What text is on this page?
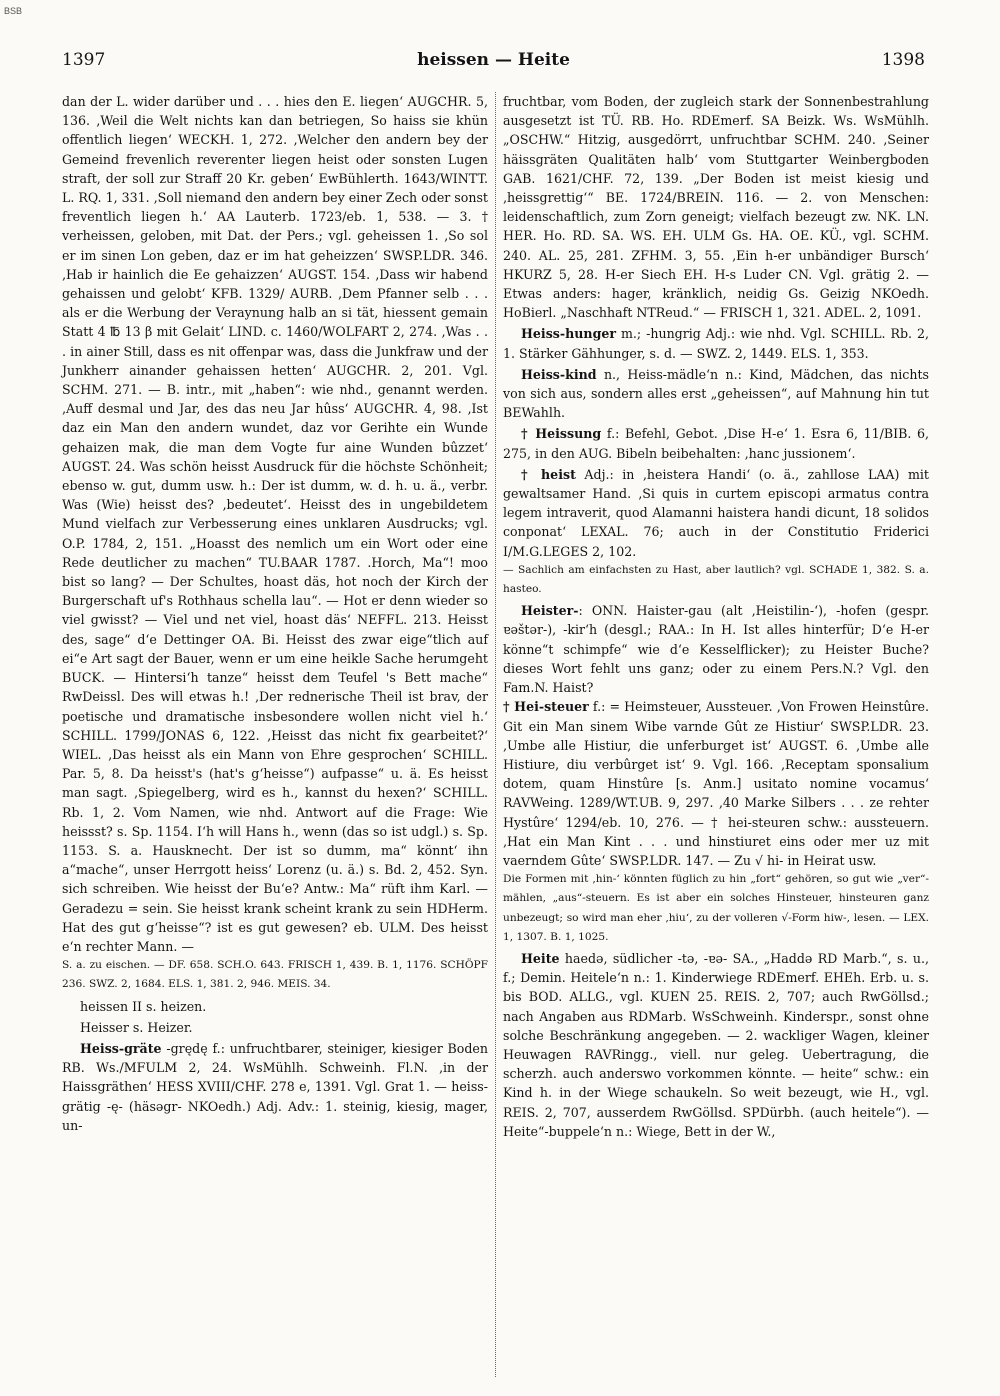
BSB
1397	heissen — Heite	1398

dan der L. wider darüber und . . . hies den E. liegen‘ AUGCHR. 5, 136. ‚Weil die Welt nichts kan dan betriegen, So haiss sie khün offentlich liegen‘ WECKH. 1, 272. ‚Welcher den andern bey der Gemeind frevenlich reverenter liegen heist oder sonsten Lugen straft, der soll zur Straff 20 Kr. geben‘ EwBühlerth. 1643/WINTT. L. RQ. 1, 331. ‚Soll niemand den andern bey einer Zech oder sonst freventlich liegen h.‘ AA Lauterb. 1723/eb. 1, 538. — 3. † verheissen, geloben, mit Dat. der Pers.; vgl. geheissen 1. ‚So sol er im sinen Lon geben, daz er im hat geheizzen‘ SWSP.LDR. 346. ‚Hab ir hainlich die Ee gehaizzen‘ AUGST. 154. ‚Dass wir habend gehaissen und gelobt‘ KFB. 1329/ AURB. ‚Dem Pfanner selb . . . als er die Werbung der Veraynung halb an si tät, hiessent gemain Statt 4 ℔ 13 β mit Gelait‘ LIND. c. 1460/WOLFART 2, 274. ‚Was . . . in ainer Still, dass es nit offenpar was, dass die Junkfraw und der Junkherr ainander gehaissen hetten‘ AUGCHR. 2, 201. Vgl. SCHM. 271. — B. intr., mit „haben“: wie nhd., genannt werden. ‚Auff desmal und Jar, des das neu Jar hûss‘ AUGCHR. 4, 98. ‚Ist daz ein Man den andern wundet, daz vor Gerihte ein Wunde gehaizen mak, die man dem Vogte fur aine Wunden bûzzet‘ AUGST. 24. Was schön heisst Ausdruck für die höchste Schönheit; ebenso w. gut, dumm usw. h.: Der ist dumm, w. d. h. u. ä., verbr. Was (Wie) heisst des? ‚bedeutet‘. Heisst des in ungebildetem Mund vielfach zur Verbesserung eines unklaren Ausdrucks; vgl. O.P. 1784, 2, 151. „Hoasst des nemlich um ein Wort oder eine Rede deutlicher zu machen“ TU.BAAR 1787. .Horch, Ma“! moo bist so lang? — Der Schultes, hoast däs, hot noch der Kirch der Burgerschaft uf's Rothhaus schella lau“. — Hot er denn wieder so viel gwisst? — Viel und net viel, hoast däs‘ NEFFL. 213. Heisst des, sage“ d‘e Dettinger OA. Bi. Heisst des zwar eige“tlich auf ei“e Art sagt der Bauer, wenn er um eine heikle Sache herumgeht BUCK. — Hintersi‘h tanze“ heisst dem Teufel 's Bett mache“ RwDeissl. Des will etwas h.! ‚Der rednerische Theil ist brav, der poetische und dramatische insbesondere wollen nicht viel h.‘ SCHILL. 1799/JONAS 6, 122. ‚Heisst das nicht fix gearbeitet?‘ WIEL. ‚Das heisst als ein Mann von Ehre gesprochen‘ SCHILL. Par. 5, 8. Da heisst's (hat's g‘heisse“) aufpasse“ u. ä. Es heisst man sagt. ‚Spiegelberg, wird es h., kannst du hexen?‘ SCHILL. Rb. 1, 2. Vom Namen, wie nhd. Antwort auf die Frage: Wie heissst? s. Sp. 1154. I‘h will Hans h., wenn (das so ist udgl.) s. Sp. 1153. S. a. Hausknecht. Der ist so dumm, ma“ könnt‘ ihn a“mache“, unser Herrgott heiss‘ Lorenz (u. ä.) s. Bd. 2, 452. Syn. sich schreiben. Wie heisst der Bu‘e? Antw.: Ma“ rüft ihm Karl. — Geradezu = sein. Sie heisst krank scheint krank zu sein HDHerm. Hat des gut g‘heisse“? ist es gut gewesen? eb. ULM. Des heisst e‘n rechter Mann. —

S. a. zu eischen. — DF. 658. SCH.O. 643. FRISCH 1, 439. B. 1, 1176. SCHÖPF 236. SWZ. 2, 1684. ELS. 1, 381. 2, 946. MEIS. 34.

heissen II s. heizen.

Heisser s. Heizer.

Heiss-gräte -grędę f.: unfruchtbarer, steiniger, kiesiger Boden RB. Ws./MFULM 2, 24. WsMühlh. Schweinh. Fl.N. ‚in der Haissgräthen‘ HESS XVIII/CHF. 278 e, 1391. Vgl. Grat 1. — heiss-grätig -ę- (häsəgr- NKOedh.) Adj. Adv.: 1. steinig, kiesig, mager, un-

fruchtbar, vom Boden, der zugleich stark der Sonnenbestrahlung ausgesetzt ist TÜ. RB. Ho. RDEmerf. SA Beizk. Ws. WsMühlh. „OSCHW.“ Hitzig, ausgedörrt, unfruchtbar SCHM. 240. ‚Seiner häissgräten Qualitäten halb‘ vom Stuttgarter Weinbergboden GAB. 1621/CHF. 72, 139. „Der Boden ist meist kiesig und ‚heissgrettig‘“ BE. 1724/BREIN. 116. — 2. von Menschen: leidenschaftlich, zum Zorn geneigt; vielfach bezeugt zw. NK. LN. HER. Ho. RD. SA. WS. EH. ULM Gs. HA. OE. KÜ., vgl. SCHM. 240. AL. 25, 281. ZFHM. 3, 55. ‚Ein h-er unbändiger Bursch‘ HKURZ 5, 28. H-er Siech EH. H-s Luder CN. Vgl. grätig 2. — Etwas anders: hager, kränklich, neidig Gs. Geizig NKOedh. HoBierl. „Naschhaft NTReud.“ — FRISCH 1, 321. ADEL. 2, 1091.

Heiss-hunger m.; -hungrig Adj.: wie nhd. Vgl. SCHILL. Rb. 2, 1. Stärker Gähhunger, s. d. — SWZ. 2, 1449. ELS. 1, 353.

Heiss-kind n., Heiss-mädle‘n n.: Kind, Mädchen, das nichts von sich aus, sondern alles erst „geheissen“, auf Mahnung hin tut BEWahlh.

† Heissung f.: Befehl, Gebot. ‚Dise H-e‘ 1. Esra 6, 11/BIB. 6, 275, in den AUG. Bibeln beibehalten: ‚hanc jussionem‘.

† heist Adj.: in ‚heistera Handi‘ (o. ä., zahllose LAA) mit gewaltsamer Hand. ‚Si quis in curtem episcopi armatus contra legem intraverit, quod Alamanni haistera handi dicunt, 18 solidos conponat‘ LEXAL. 76; auch in der Constitutio Friderici I/M.G.LEGES 2, 102.

— Sachlich am einfachsten zu Hast, aber lautlich? vgl. SCHADE 1, 382. S. a. hasteo.

Heister-: ONN. Haister-gau (alt ‚Heistilin-‘), -hofen (gespr. ɐəštər-), -kir‘h (desgl.; RAA.: In H. Ist alles hinterfür; D‘e H-er könne“t schimpfe“ wie d‘e Kesselflicker); zu Heister Buche? dieses Wort fehlt uns ganz; oder zu einem Pers.N.? Vgl. den Fam.N. Haist?

† Hei-steuer f.: = Heimsteuer, Aussteuer. ‚Von Frowen Heinstûre. Git ein Man sinem Wibe varnde Gût ze Histiur‘ SWSP.LDR. 23. ‚Umbe alle Histiur, die unferburget ist‘ AUGST. 6. ‚Umbe alle Histiure, diu verbûrget ist‘ 9. Vgl. 166. ‚Receptam sponsalium dotem, quam Hinstûre [s. Anm.] usitato nomine vocamus‘ RAVWeing. 1289/WT.UB. 9, 297. ‚40 Marke Silbers . . . ze rehter Hystûre‘ 1294/eb. 10, 276. — † hei-steuren schw.: aussteuern. ‚Hat ein Man Kint . . . und hinstiuret eins oder mer uz mit vaerndem Gûte‘ SWSP.LDR. 147. — Zu √ hi- in Heirat usw.

Die Formen mit ‚hin-‘ könnten füglich zu hin „fort“ gehören, so gut wie „ver“-mählen, „aus“-steuern. Es ist aber ein solches Hinsteuer, hinsteuren ganz unbezeugt; so wird man eher ‚hiu‘, zu der volleren √-Form hiw-, lesen. — LEX. 1, 1307. B. 1, 1025.

Heite haedə, südlicher -tə, -ɐə- SA., „Haddə RD Marb.“, s. u., f.; Demin. Heitele‘n n.: 1. Kinderwiege RDEmerf. EHEh. Erb. u. s. bis BOD. ALLG., vgl. KUEN 25. REIS. 2, 707; auch RwGöllsd.; nach Angaben aus RDMarb. WsSchweinh. Kinderspr., sonst ohne solche Beschränkung angegeben. — 2. wackliger Wagen, kleiner Heuwagen RAVRingg., viell. nur geleg. Uebertragung, die scherzh. auch anderswo vorkommen könnte. — heite“ schw.: ein Kind h. in der Wiege schaukeln. So weit bezeugt, wie H., vgl. REIS. 2, 707, ausserdem RwGöllsd. SPDürbh. (auch heitele“). — Heite“-buppele‘n n.: Wiege, Bett in der W.,
